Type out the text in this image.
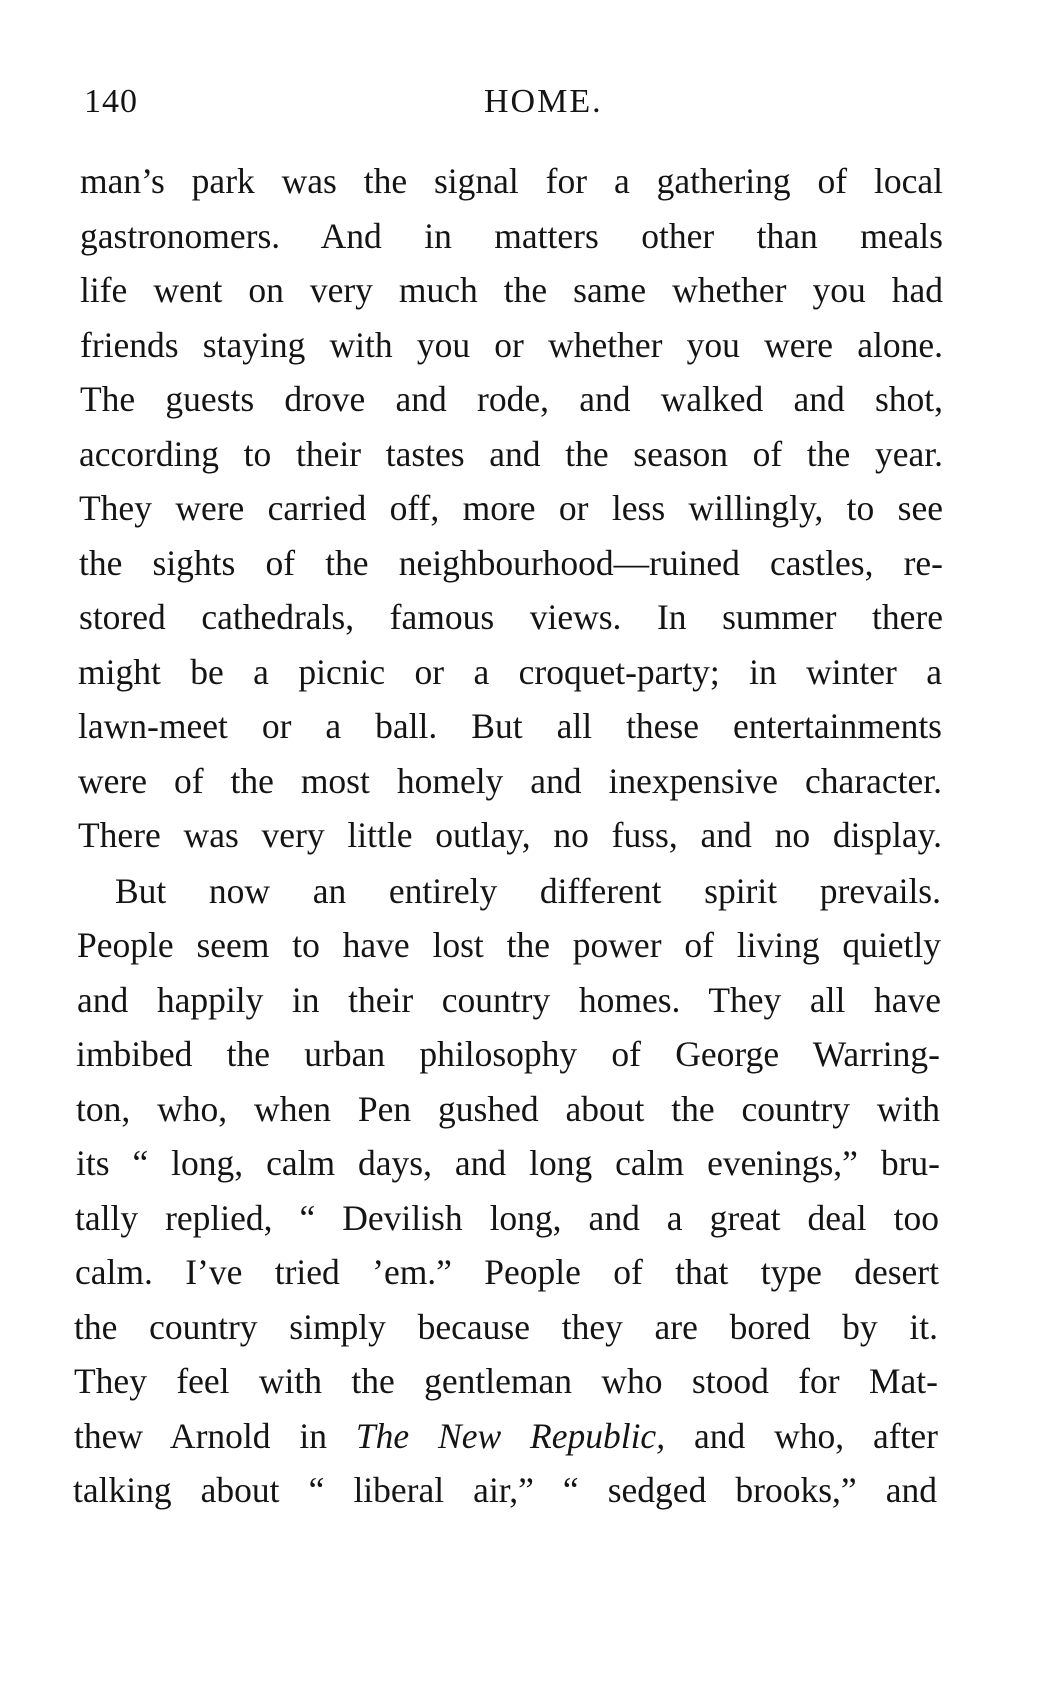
140	HOME.
man’s park was the signal for a gathering of local
gastronomers. And in matters other than meals
life went on very much the same whether you had
friends staying with you or whether you were alone.
The guests drove and rode, and walked and shot,
according to their tastes and the season of the year.
They were carried off, more or less willingly, to see
the sights of the neighbourhood—ruined castles, re-
stored cathedrals, famous views. In summer there
might be a picnic or a croquet-party; in winter a
lawn-meet or a ball. But all these entertainments
were of the most homely and inexpensive character.
There was very little outlay, no fuss, and no display.
But now an entirely different spirit prevails.
People seem to have lost the power of living quietly
and happily in their country homes. They all have
imbibed the urban philosophy of George Warring-
ton, who, when Pen gushed about the country with
its “ long, calm days, and long calm evenings,” bru-
tally replied, “ Devilish long, and a great deal too
calm. I’ve tried ’em.” People of that type desert
the country simply because they are bored by it.
They feel with the gentleman who stood for Mat-
thew Arnold in The New Republic, and who, after
talking about “ liberal air,” “ sedged brooks,” and
